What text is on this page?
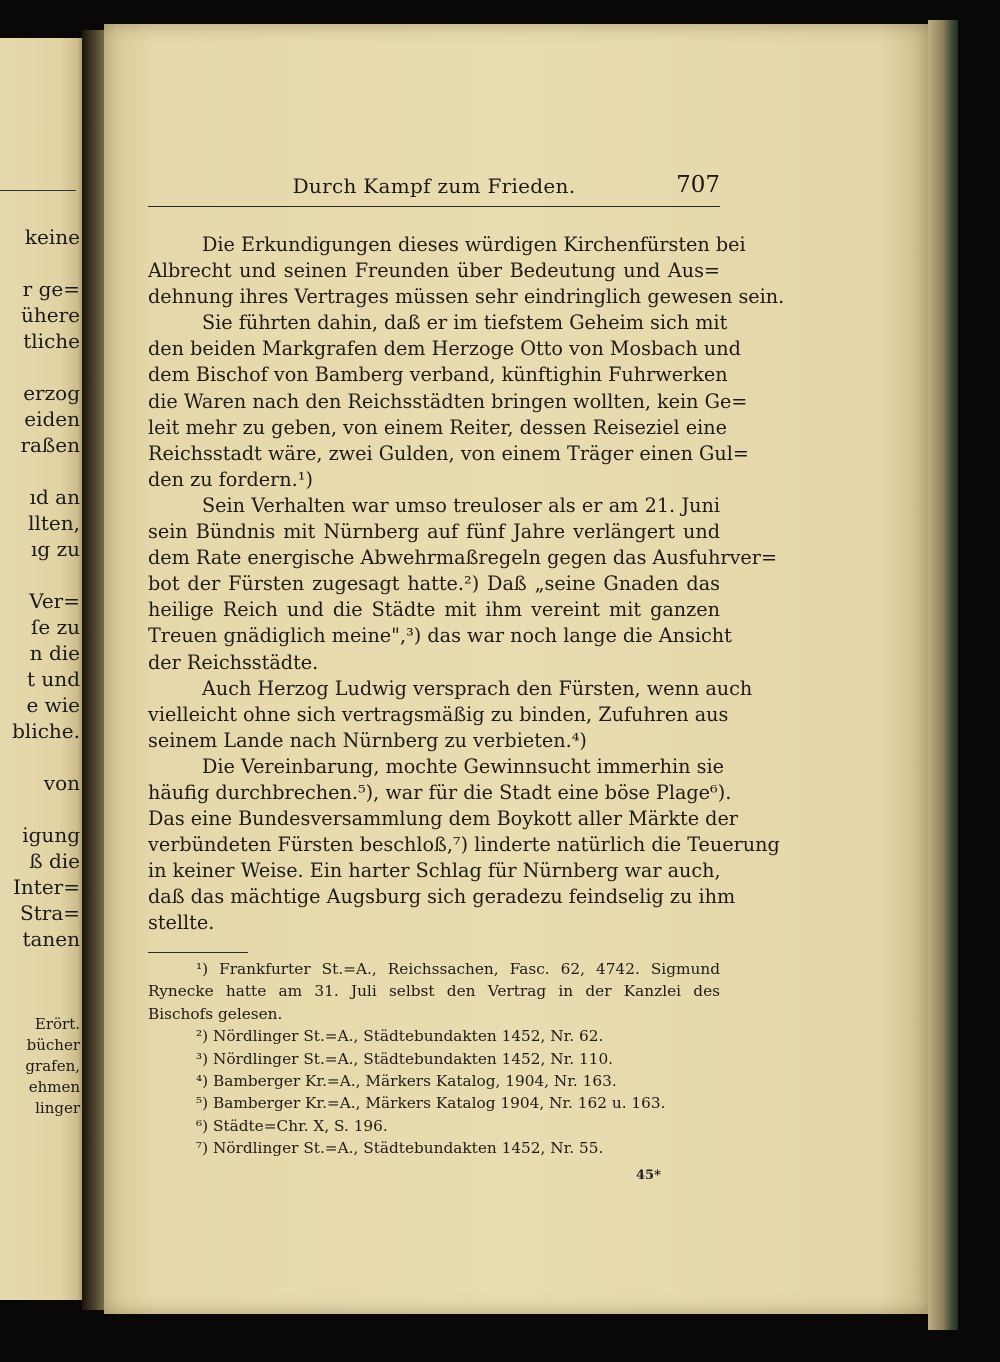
keine
r ge=
ühere
tliche
erzog
eiden
raßen
ıd an
llten,
ıg zu
Ver=
ſe zu
n die
t und
e wie
bliche.
von
igung
ß die
Inter=
Stra=
tanen
Erört.
bücher
grafen,
ehmen
linger
Durch Kampf zum Frieden.	707
Die Erkundigungen dieses würdigen Kirchenfürsten bei
Albrecht und seinen Freunden über Bedeutung und Aus=
dehnung ihres Vertrages müssen sehr eindringlich gewesen sein.
Sie führten dahin, daß er im tiefstem Geheim sich mit
den beiden Markgrafen dem Herzoge Otto von Mosbach und
dem Bischof von Bamberg verband, künftighin Fuhrwerken
die Waren nach den Reichsstädten bringen wollten, kein Ge=
leit mehr zu geben, von einem Reiter, dessen Reiseziel eine
Reichsstadt wäre, zwei Gulden, von einem Träger einen Gul=
den zu fordern.¹)
Sein Verhalten war umso treuloser als er am 21. Juni
sein Bündnis mit Nürnberg auf fünf Jahre verlängert und
dem Rate energische Abwehrmaßregeln gegen das Ausfuhrver=
bot der Fürsten zugesagt hatte.²) Daß „seine Gnaden das
heilige Reich und die Städte mit ihm vereint mit ganzen
Treuen gnädiglich meine",³) das war noch lange die Ansicht
der Reichsstädte.
Auch Herzog Ludwig versprach den Fürsten, wenn auch
vielleicht ohne sich vertragsmäßig zu binden, Zufuhren aus
seinem Lande nach Nürnberg zu verbieten.⁴)
Die Vereinbarung, mochte Gewinnsucht immerhin sie
häufig durchbrechen.⁵), war für die Stadt eine böse Plage⁶).
Das eine Bundesversammlung dem Boykott aller Märkte der
verbündeten Fürsten beschloß,⁷) linderte natürlich die Teuerung
in keiner Weise. Ein harter Schlag für Nürnberg war auch,
daß das mächtige Augsburg sich geradezu feindselig zu ihm
stellte.
¹) Frankfurter St.=A., Reichssachen, Fasc. 62, 4742. Sigmund
Rynecke hatte am 31. Juli selbst den Vertrag in der Kanzlei des
Bischofs gelesen.
²) Nördlinger St.=A., Städtebundakten 1452, Nr. 62.
³) Nördlinger St.=A., Städtebundakten 1452, Nr. 110.
⁴) Bamberger Kr.=A., Märkers Katalog, 1904, Nr. 163.
⁵) Bamberger Kr.=A., Märkers Katalog 1904, Nr. 162 u. 163.
⁶) Städte=Chr. X, S. 196.
⁷) Nördlinger St.=A., Städtebundakten 1452, Nr. 55.
45*
